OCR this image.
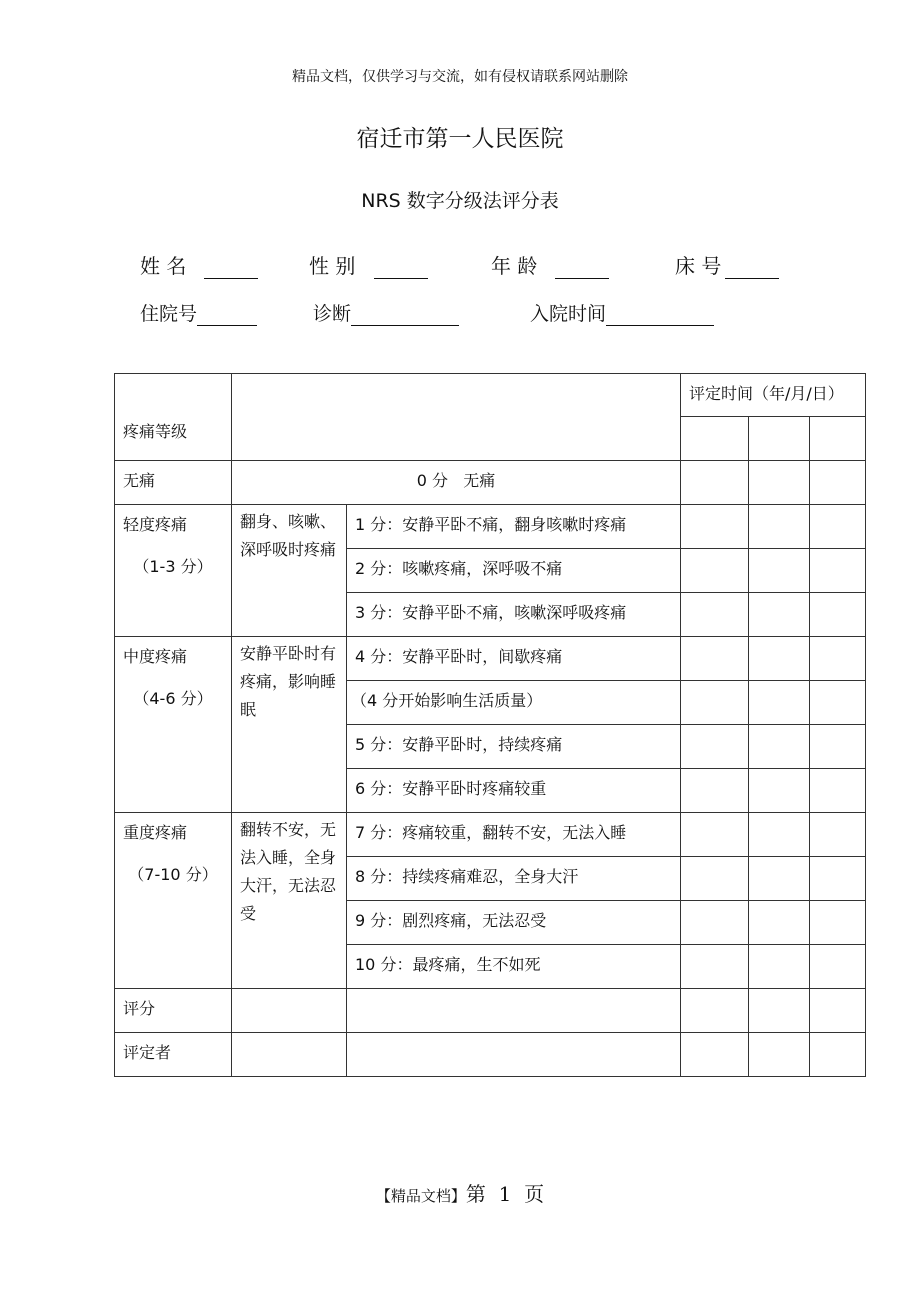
精品文档，仅供学习与交流，如有侵权请联系网站删除
宿迁市第一人民医院
NRS 数字分级法评分表
姓 名	性 别	年 龄	床 号
住院号	诊断	入院时间
疼痛等级			评定时间（年/月/日）		

无痛	0 分   无痛				

轻度疼痛
（1-3 分）	翻身、咳嗽、深呼吸时疼痛	1 分：安静平卧不痛，翻身咳嗽时疼痛			

		2 分：咳嗽疼痛，深呼吸不痛			

		3 分：安静平卧不痛，咳嗽深呼吸疼痛			

中度疼痛
（4-6 分）	安静平卧时有疼痛，影响睡眠	4 分：安静平卧时，间歇疼痛			

		（4 分开始影响生活质量）			

		5 分：安静平卧时，持续疼痛			

		6 分：安静平卧时疼痛较重			

重度疼痛
（7-10 分）	翻转不安，无法入睡，全身大汗，无法忍受	7 分：疼痛较重，翻转不安，无法入睡			

		8 分：持续疼痛难忍，全身大汗			

		9 分：剧烈疼痛，无法忍受			

		10 分：最疼痛，生不如死			

评分					

评定者					

【精品文档】第  1  页
